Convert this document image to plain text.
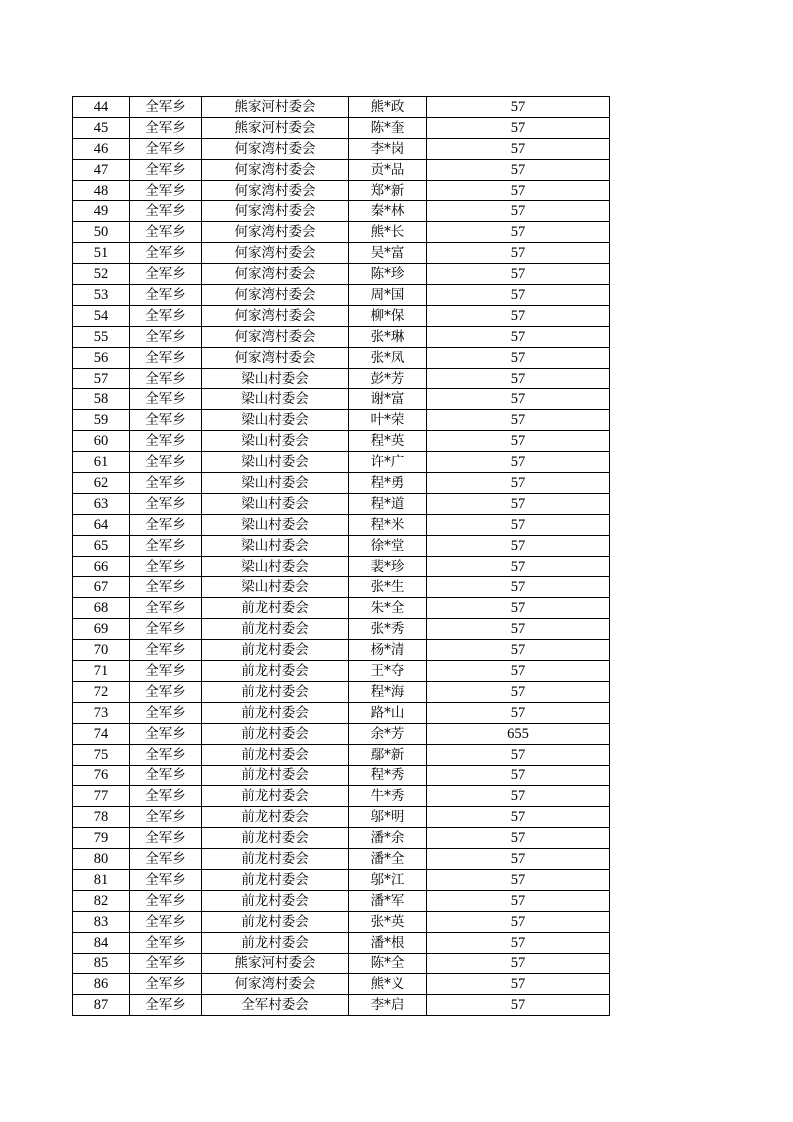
44	全军乡	熊家河村委会	熊*政	57
45	全军乡	熊家河村委会	陈*奎	57
46	全军乡	何家湾村委会	李*岗	57
47	全军乡	何家湾村委会	贡*品	57
48	全军乡	何家湾村委会	郑*新	57
49	全军乡	何家湾村委会	秦*林	57
50	全军乡	何家湾村委会	熊*长	57
51	全军乡	何家湾村委会	吴*富	57
52	全军乡	何家湾村委会	陈*珍	57
53	全军乡	何家湾村委会	周*国	57
54	全军乡	何家湾村委会	柳*保	57
55	全军乡	何家湾村委会	张*琳	57
56	全军乡	何家湾村委会	张*凤	57
57	全军乡	梁山村委会	彭*芳	57
58	全军乡	梁山村委会	谢*富	57
59	全军乡	梁山村委会	叶*荣	57
60	全军乡	梁山村委会	程*英	57
61	全军乡	梁山村委会	许*广	57
62	全军乡	梁山村委会	程*勇	57
63	全军乡	梁山村委会	程*道	57
64	全军乡	梁山村委会	程*米	57
65	全军乡	梁山村委会	徐*堂	57
66	全军乡	梁山村委会	裴*珍	57
67	全军乡	梁山村委会	张*生	57
68	全军乡	前龙村委会	朱*全	57
69	全军乡	前龙村委会	张*秀	57
70	全军乡	前龙村委会	杨*清	57
71	全军乡	前龙村委会	王*夺	57
72	全军乡	前龙村委会	程*海	57
73	全军乡	前龙村委会	路*山	57
74	全军乡	前龙村委会	余*芳	655
75	全军乡	前龙村委会	鄢*新	57
76	全军乡	前龙村委会	程*秀	57
77	全军乡	前龙村委会	牛*秀	57
78	全军乡	前龙村委会	邬*明	57
79	全军乡	前龙村委会	潘*余	57
80	全军乡	前龙村委会	潘*全	57
81	全军乡	前龙村委会	邬*江	57
82	全军乡	前龙村委会	潘*军	57
83	全军乡	前龙村委会	张*英	57
84	全军乡	前龙村委会	潘*根	57
85	全军乡	熊家河村委会	陈*全	57
86	全军乡	何家湾村委会	熊*义	57
87	全军乡	全军村委会	李*启	57
